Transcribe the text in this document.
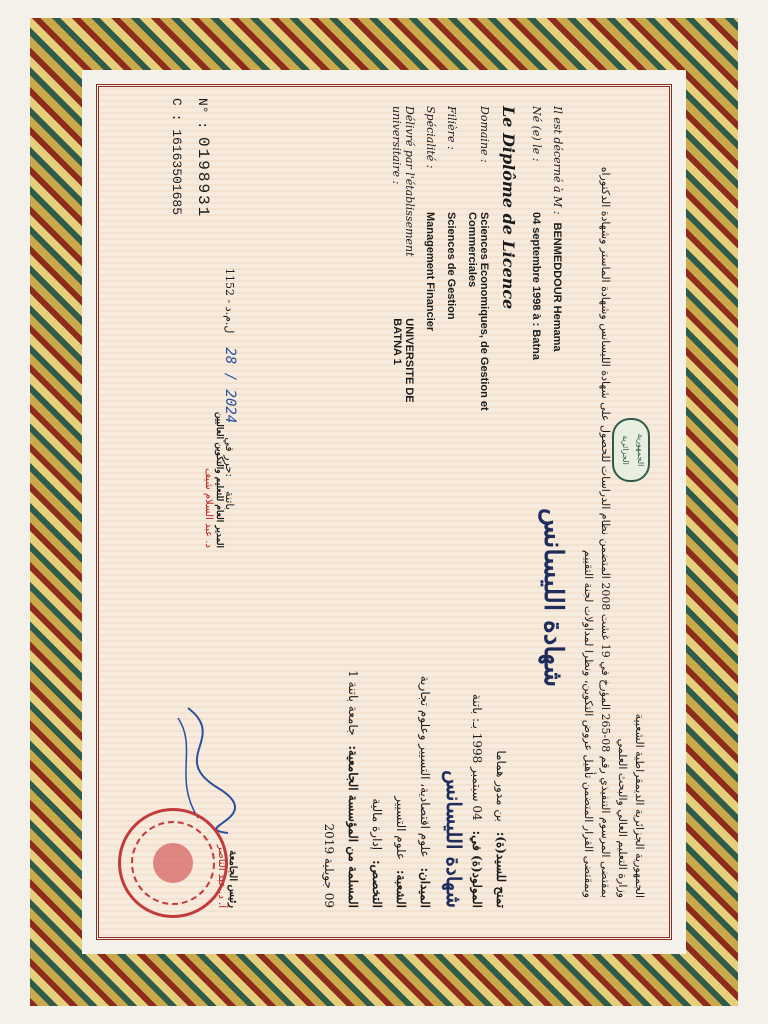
الجمهورية الجزائرية الديمقراطية الشعبية
وزارة التعليم العالي والبحث العلمي
بمقتضى المرسوم التنفيذي رقم 08-265 المؤرخ في 19 غشت 2008 المتضمن نظام الدراسات للحصول على شهادة الليسانس وشهادة الماستر وشهادة الدكتوراه
وبمقتضى القرار المتضمن تأهيل عروض التكوين، ونظرا لمداولات لجنة التقييم
الجمهورية الجزائرية
Il est décerné à M :
BENMEDDOUR Hemama
Né (e) le :
04 septembre 1998 à : Batna
Le Diplôme de Licence
Domaine :
Sciences Economiques, de Gestion et Commerciales
Filière :
Sciences de Gestion
Spécialité :
Management Financier
Délivré par l'établissement universitaire :
UNIVERSITE DE BATNA 1
شهادة الليسانس
تمنح للسيد(ة):
بن مدور هماما
المولود(ة) في:
04 سبتمبر 1998 بـ: باتنة
شهادة الليسانس
الميدان:
علوم اقتصادية، التسيير وعلوم تجارية
الشعبة:
علوم التسيير
التخصص:
إدارة مالية
المسلمة من المؤسسة الجامعية:
جامعة باتنة 1
09 جويلية 2019
N° : 0198931
C : 16163501685
ل.م.د - 1152
28 / 2024
حرر في:
باتنة
المدير العام للتعليم والتكوين العاليين
د. عبد السلام شيف
رئيس الجامعة
أ. د. عبد الناصر
